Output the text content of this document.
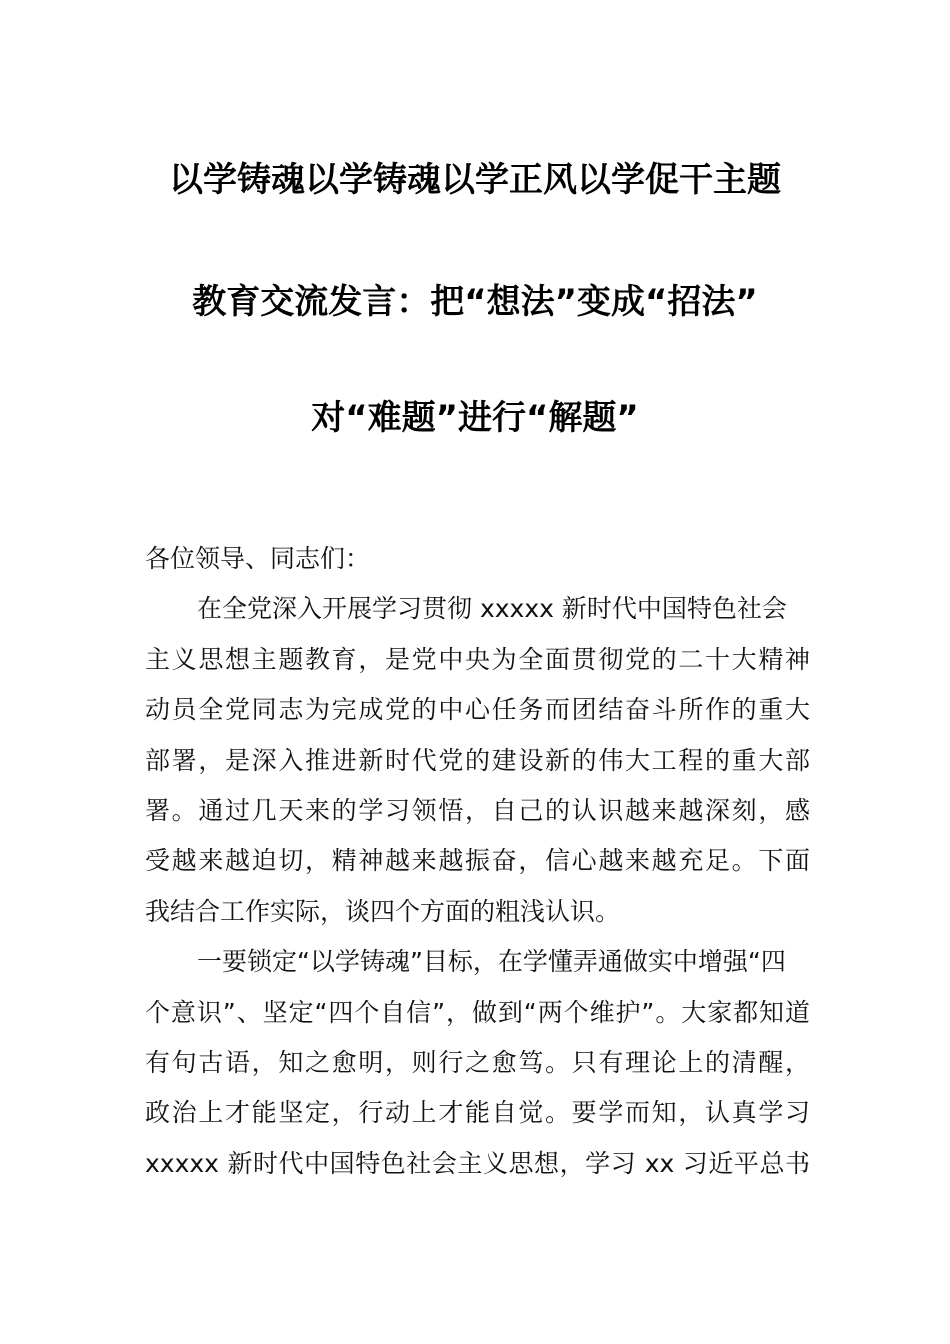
以学铸魂以学铸魂以学正风以学促干主题
教育交流发言：把“想法”变成“招法”
对“难题”进行“解题”
各位领导、同志们：
在全党深入开展学习贯彻 xxxxx 新时代中国特色社会
主义思想主题教育，是党中央为全面贯彻党的二十大精神
动员全党同志为完成党的中心任务而团结奋斗所作的重大
部署，是深入推进新时代党的建设新的伟大工程的重大部
署。通过几天来的学习领悟，自己的认识越来越深刻，感
受越来越迫切，精神越来越振奋，信心越来越充足。下面
我结合工作实际，谈四个方面的粗浅认识。
一要锁定“以学铸魂”目标，在学懂弄通做实中增强“四
个意识”、坚定“四个自信”，做到“两个维护”。大家都知道
有句古语，知之愈明，则行之愈笃。只有理论上的清醒，
政治上才能坚定，行动上才能自觉。要学而知，认真学习
xxxxx 新时代中国特色社会主义思想，学习 xx 习近平总书
